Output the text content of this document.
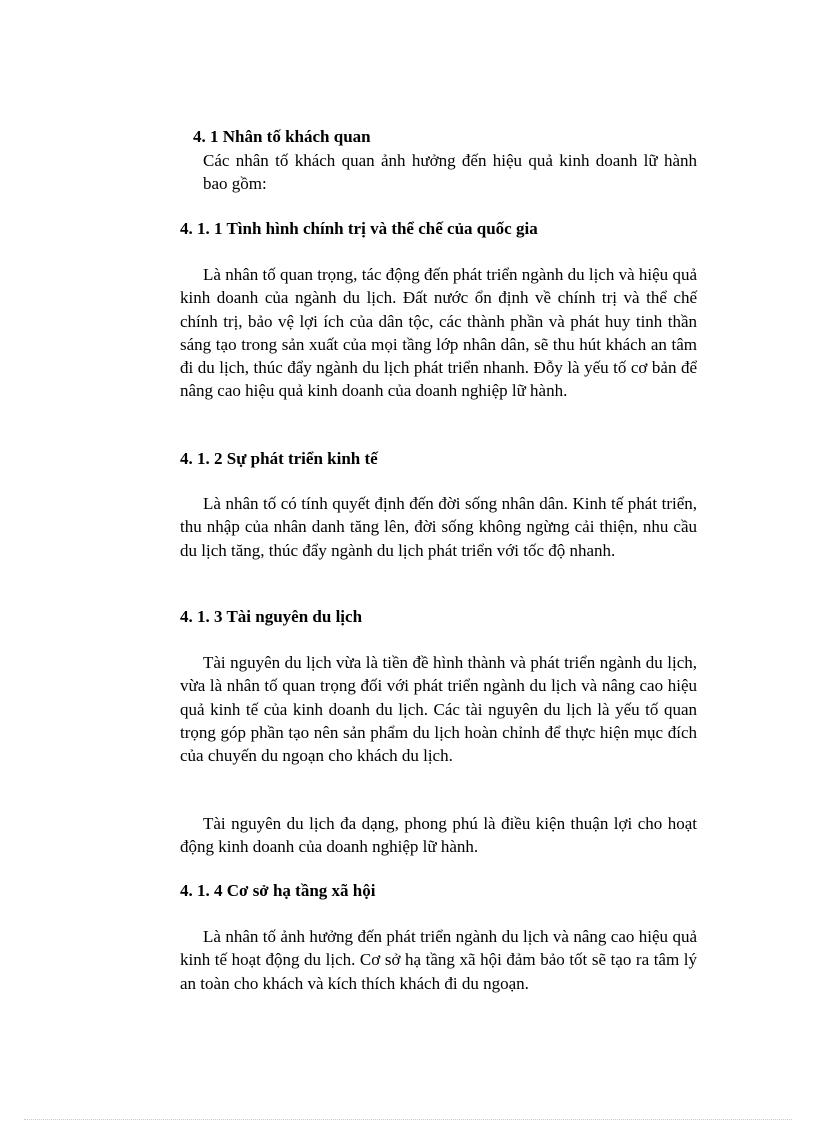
4. 1 Nhân tố khách quan

Các nhân tố khách quan ảnh hưởng đến hiệu quả kinh doanh lữ hành bao gồm:

4. 1. 1 Tình hình chính trị và thể chế của quốc gia

Là nhân tố quan trọng, tác động đến phát triển ngành du lịch và hiệu quả kinh doanh của ngành du lịch. Đất nước ổn định về chính trị và thể chế chính trị, bảo vệ lợi ích của dân tộc, các thành phần và phát huy tinh thần sáng tạo trong sản xuất của mọi tầng lớp nhân dân, sẽ thu hút khách an tâm đi du lịch, thúc đẩy ngành du lịch phát triển nhanh. Đỗy là yếu tố cơ bản để nâng cao hiệu quả kinh doanh của doanh nghiệp lữ hành.

4. 1. 2 Sự phát triển kinh tế

Là nhân tố có tính quyết định đến đời sống nhân dân. Kinh tế phát triển, thu nhập của nhân danh tăng lên, đời sống không ngừng cải thiện, nhu cầu du lịch tăng, thúc đẩy ngành du lịch phát triển với tốc độ nhanh.

4. 1. 3 Tài nguyên du lịch

Tài nguyên du lịch vừa là tiền đề hình thành và phát triển ngành du lịch, vừa là nhân tố quan trọng đối với phát triển ngành du lịch và nâng cao hiệu quả kinh tế của kinh doanh du lịch. Các tài nguyên du lịch là yếu tố quan trọng góp phần tạo nên sản phẩm du lịch hoàn chỉnh để thực hiện mục đích của chuyến du ngoạn cho khách du lịch.

Tài nguyên du lịch đa dạng, phong phú là điều kiện thuận lợi cho hoạt động kinh doanh của doanh nghiệp lữ hành.

4. 1. 4 Cơ sở hạ tầng xã hội

Là nhân tố ảnh hưởng đến phát triển ngành du lịch và nâng cao hiệu quả kinh tế hoạt động du lịch. Cơ sở hạ tầng xã hội đảm bảo tốt sẽ tạo ra tâm lý an toàn cho khách và kích thích khách đi du ngoạn.
